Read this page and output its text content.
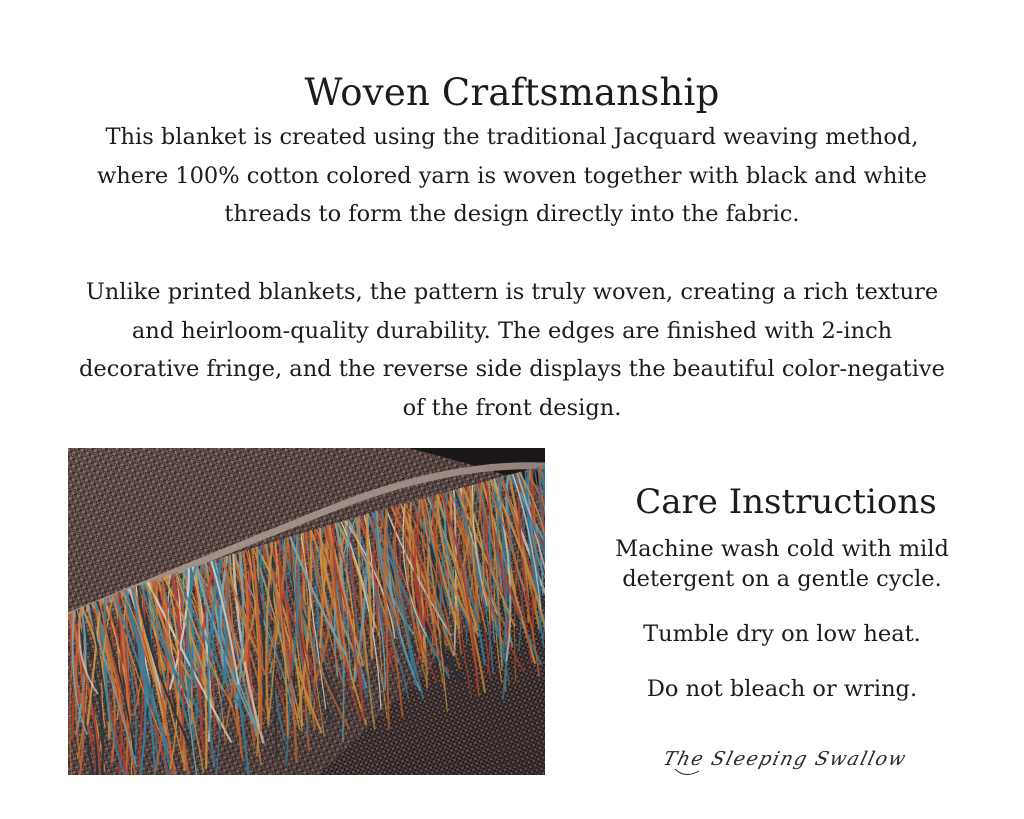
Woven Craftsmanship

This blanket is created using the traditional Jacquard weaving method, where 100% cotton colored yarn is woven together with black and white threads to form the design directly into the fabric.

Unlike printed blankets, the pattern is truly woven, creating a rich texture and heirloom-quality durability. The edges are finished with 2-inch decorative fringe, and the reverse side displays the beautiful color-negative of the front design.

Care Instructions

Machine wash cold with mild detergent on a gentle cycle.

Tumble dry on low heat.

Do not bleach or wring.

The Sleeping Swallow
